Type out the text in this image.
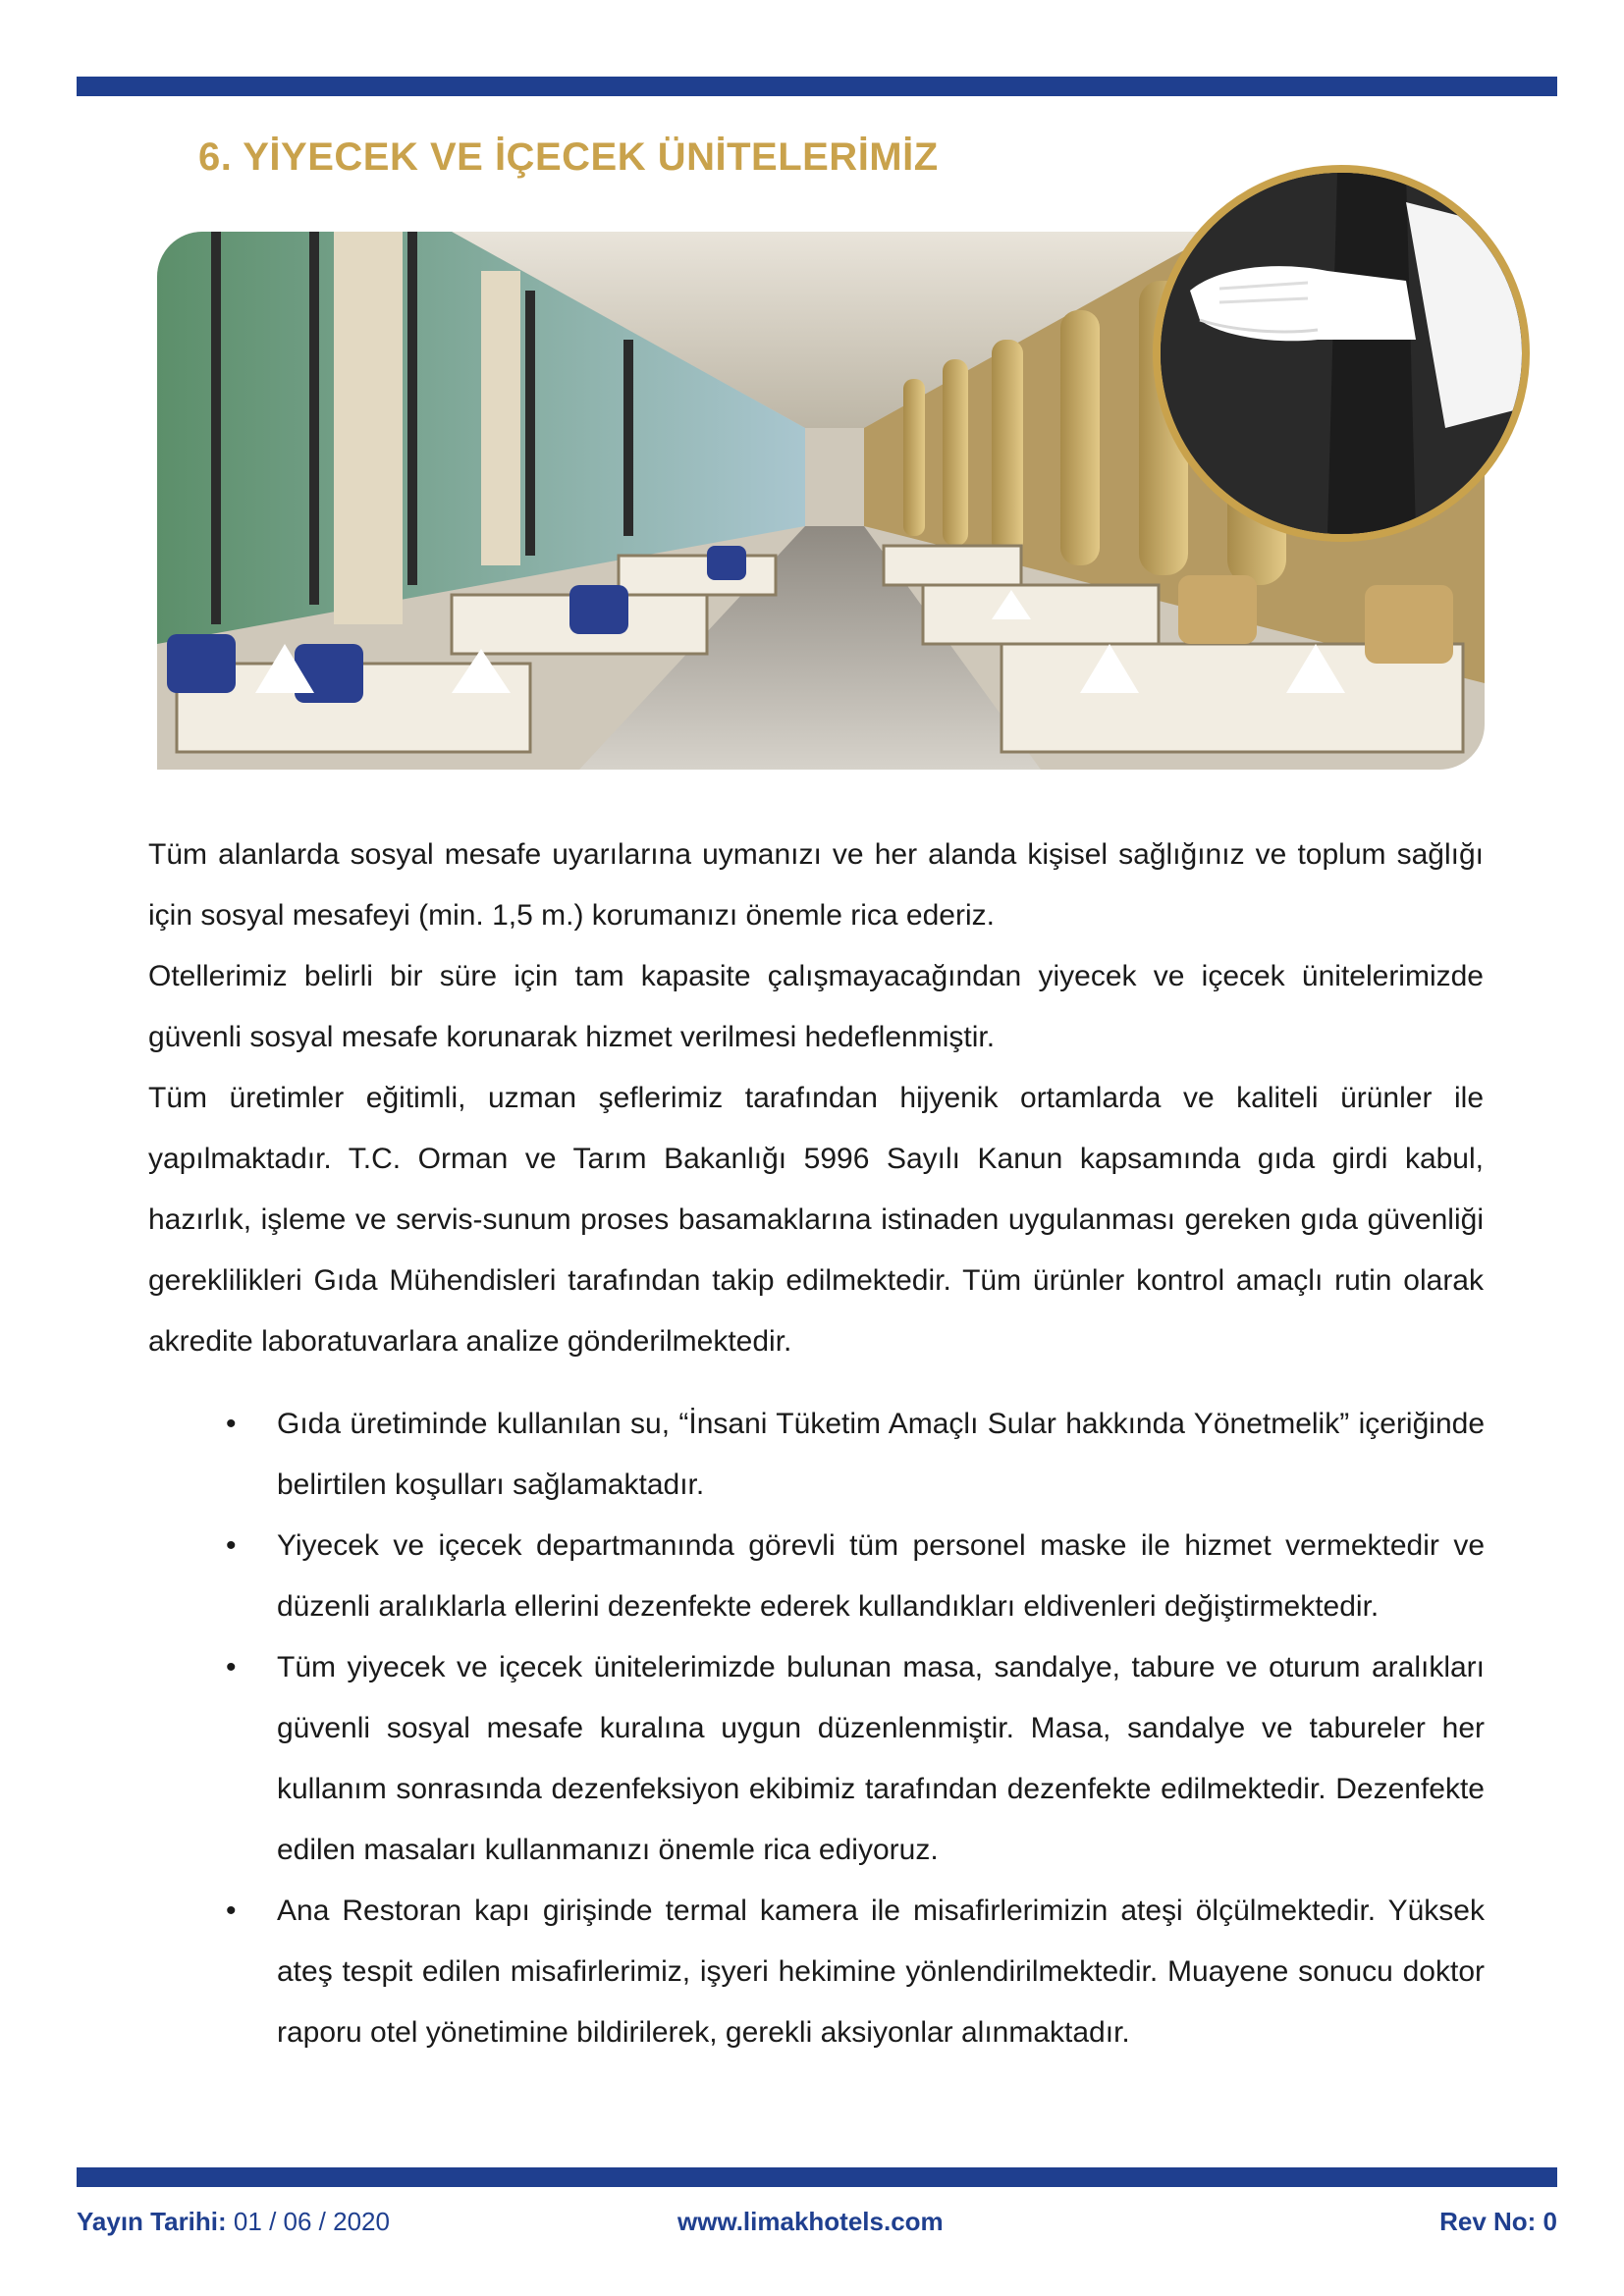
6. YİYECEK VE İÇECEK ÜNİTELERİMİZ

Tüm alanlarda sosyal mesafe uyarılarına uymanızı ve her alanda kişisel sağlığınız ve toplum sağlığı için sosyal mesafeyi (min. 1,5 m.) korumanızı önemle rica ederiz.

Otellerimiz belirli bir süre için tam kapasite çalışmayacağından yiyecek ve içecek ünitelerimizde güvenli sosyal mesafe korunarak hizmet verilmesi hedeflenmiştir.

Tüm üretimler eğitimli, uzman şeflerimiz tarafından hijyenik ortamlarda ve kaliteli ürünler ile yapılmaktadır. T.C. Orman ve Tarım Bakanlığı 5996 Sayılı Kanun kapsamında gıda girdi kabul, hazırlık, işleme ve servis-sunum proses basamaklarına istinaden uygulanması gereken gıda güvenliği gereklilikleri Gıda Mühendisleri tarafından takip edilmektedir. Tüm ürünler kontrol amaçlı rutin olarak akredite laboratuvarlara analize gönderilmektedir.

• Gıda üretiminde kullanılan su, “İnsani Tüketim Amaçlı Sular hakkında Yönetmelik” içeriğinde belirtilen koşulları sağlamaktadır.
• Yiyecek ve içecek departmanında görevli tüm personel maske ile hizmet vermektedir ve düzenli aralıklarla ellerini dezenfekte ederek kullandıkları eldivenleri değiştirmektedir.
• Tüm yiyecek ve içecek ünitelerimizde bulunan masa, sandalye, tabure ve oturum aralıkları güvenli sosyal mesafe kuralına uygun düzenlenmiştir. Masa, sandalye ve tabureler her kullanım sonrasında dezenfeksiyon ekibimiz tarafından dezenfekte edilmektedir. Dezenfekte edilen masaları kullanmanızı önemle rica ediyoruz.
• Ana Restoran kapı girişinde termal kamera ile misafirlerimizin ateşi ölçülmektedir. Yüksek ateş tespit edilen misafirlerimiz, işyeri hekimine yönlendirilmektedir. Muayene sonucu doktor raporu otel yönetimine bildirilerek, gerekli aksiyonlar alınmaktadır.
Yayın Tarihi: 01 / 06 / 2020	www.limakhotels.com	Rev No: 0
